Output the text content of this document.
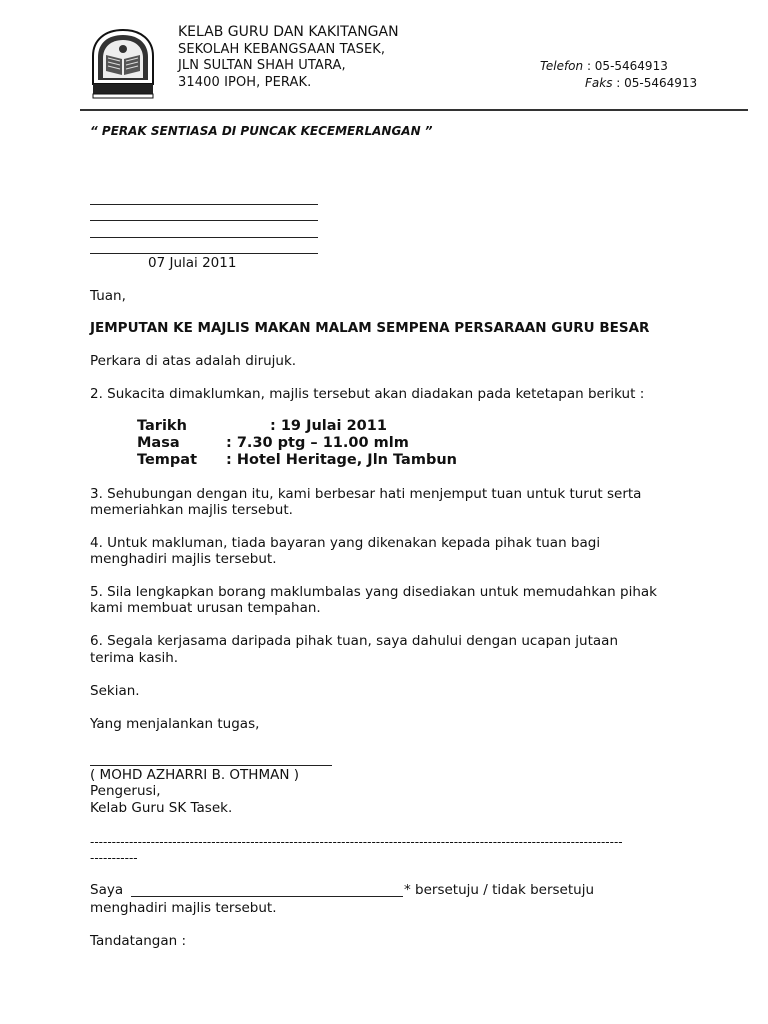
KELAB GURU DAN KAKITANGAN
SEKOLAH KEBANGSAAN TASEK,
JLN SULTAN SHAH UTARA,
31400 IPOH, PERAK.
Telefon : 05-5464913
Faks : 05-5464913
“ PERAK SENTIASA DI PUNCAK KECEMERLANGAN ”
07 Julai 2011
Tuan,
JEMPUTAN KE MAJLIS MAKAN MALAM SEMPENA PERSARAAN GURU BESAR
Perkara di atas adalah dirujuk.
2. Sukacita dimaklumkan, majlis tersebut akan diadakan pada ketetapan berikut :
Tarikh	: 19 Julai 2011
Masa	: 7.30 ptg – 11.00 mlm
Tempat : Hotel Heritage, Jln Tambun
3. Sehubungan dengan itu, kami berbesar hati menjemput tuan untuk turut serta
memeriahkan majlis tersebut.
4. Untuk makluman, tiada bayaran yang dikenakan kepada pihak tuan bagi
menghadiri majlis tersebut.
5. Sila lengkapkan borang maklumbalas yang disediakan untuk memudahkan pihak
kami membuat urusan tempahan.
6. Segala kerjasama daripada pihak tuan, saya dahului dengan ucapan jutaan
terima kasih.
Sekian.
Yang menjalankan tugas,
( MOHD AZHARRI B. OTHMAN )
Pengerusi,
Kelab Guru SK Tasek.
---------------------------------------------------------------------------------------------------------------------------
-----------
Saya	* bersetuju / tidak bersetuju
menghadiri majlis tersebut.
Tandatangan :
